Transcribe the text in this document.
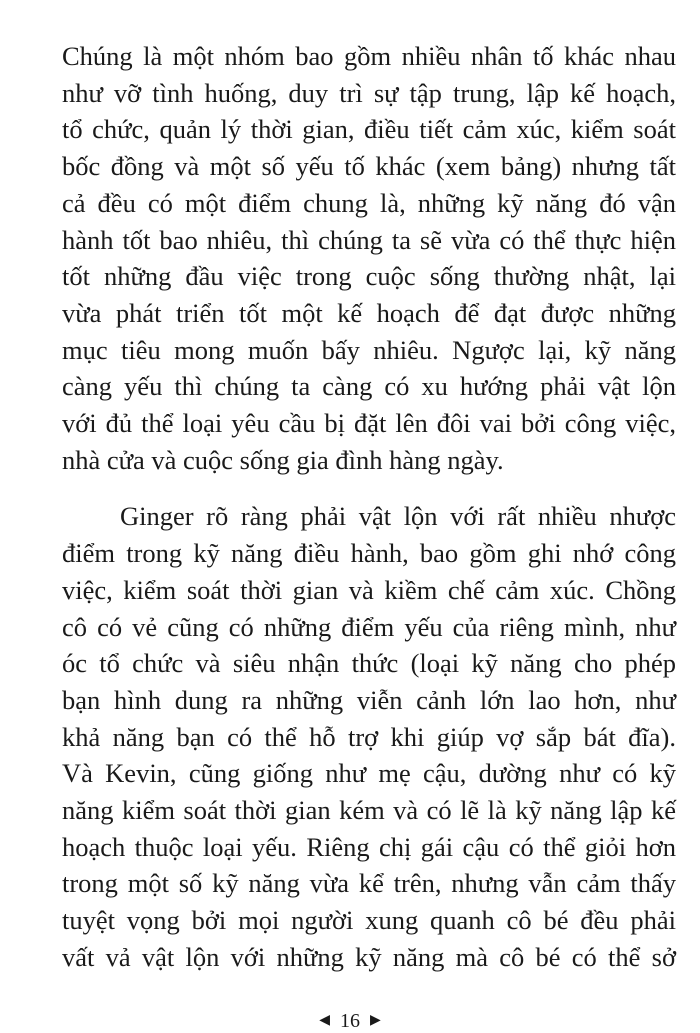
Chúng là một nhóm bao gồm nhiều nhân tố khác nhau
như vỡ tình huống, duy trì sự tập trung, lập kế hoạch,
tổ chức, quản lý thời gian, điều tiết cảm xúc, kiểm soát
bốc đồng và một số yếu tố khác (xem bảng) nhưng tất
cả đều có một điểm chung là, những kỹ năng đó vận
hành tốt bao nhiêu, thì chúng ta sẽ vừa có thể thực hiện
tốt những đầu việc trong cuộc sống thường nhật, lại
vừa phát triển tốt một kế hoạch để đạt được những
mục tiêu mong muốn bấy nhiêu. Ngược lại, kỹ năng
càng yếu thì chúng ta càng có xu hướng phải vật lộn
với đủ thể loại yêu cầu bị đặt lên đôi vai bởi công việc,
nhà cửa và cuộc sống gia đình hàng ngày.

Ginger rõ ràng phải vật lộn với rất nhiều nhược
điểm trong kỹ năng điều hành, bao gồm ghi nhớ công
việc, kiểm soát thời gian và kiềm chế cảm xúc. Chồng
cô có vẻ cũng có những điểm yếu của riêng mình, như
óc tổ chức và siêu nhận thức (loại kỹ năng cho phép
bạn hình dung ra những viễn cảnh lớn lao hơn, như
khả năng bạn có thể hỗ trợ khi giúp vợ sắp bát đĩa).
Và Kevin, cũng giống như mẹ cậu, dường như có kỹ
năng kiểm soát thời gian kém và có lẽ là kỹ năng lập kế
hoạch thuộc loại yếu. Riêng chị gái cậu có thể giỏi hơn
trong một số kỹ năng vừa kể trên, nhưng vẫn cảm thấy
tuyệt vọng bởi mọi người xung quanh cô bé đều phải
vất vả vật lộn với những kỹ năng mà cô bé có thể sở

◀ 16 ▶
